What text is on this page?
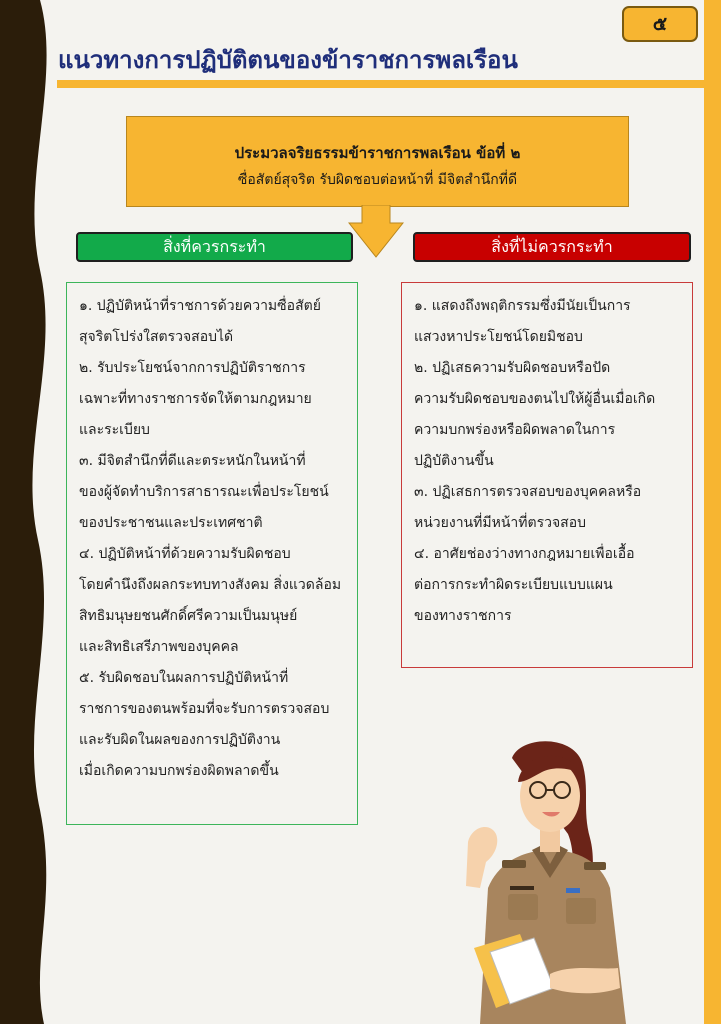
๕
แนวทางการปฏิบัติตนของข้าราชการพลเรือน
ประมวลจริยธรรมข้าราชการพลเรือน ข้อที่ ๒
ซื่อสัตย์สุจริต รับผิดชอบต่อหน้าที่ มีจิตสำนึกที่ดี
สิ่งที่ควรกระทำ	สิ่งที่ไม่ควรกระทำ
๑. ปฏิบัติหน้าที่ราชการด้วยความซื่อสัตย์
สุจริตโปร่งใสตรวจสอบได้
๒. รับประโยชน์จากการปฏิบัติราชการ
เฉพาะที่ทางราชการจัดให้ตามกฎหมาย
และระเบียบ
๓. มีจิตสำนึกที่ดีและตระหนักในหน้าที่
ของผู้จัดทำบริการสาธารณะเพื่อประโยชน์
ของประชาชนและประเทศชาติ
๔. ปฏิบัติหน้าที่ด้วยความรับผิดชอบ
โดยคำนึงถึงผลกระทบทางสังคม สิ่งแวดล้อม
สิทธิมนุษยชนศักดิ์ศรีความเป็นมนุษย์
และสิทธิเสรีภาพของบุคคล
๕. รับผิดชอบในผลการปฏิบัติหน้าที่
ราชการของตนพร้อมที่จะรับการตรวจสอบ
และรับผิดในผลของการปฏิบัติงาน
เมื่อเกิดความบกพร่องผิดพลาดขึ้น
๑. แสดงถึงพฤติกรรมซึ่งมีนัยเป็นการ
แสวงหาประโยชน์โดยมิชอบ
๒. ปฏิเสธความรับผิดชอบหรือปัด
ความรับผิดชอบของตนไปให้ผู้อื่นเมื่อเกิด
ความบกพร่องหรือผิดพลาดในการ
ปฏิบัติงานขึ้น
๓. ปฏิเสธการตรวจสอบของบุคคลหรือ
หน่วยงานที่มีหน้าที่ตรวจสอบ
๔. อาศัยช่องว่างทางกฎหมายเพื่อเอื้อ
ต่อการกระทำผิดระเบียบแบบแผน
ของทางราชการ
